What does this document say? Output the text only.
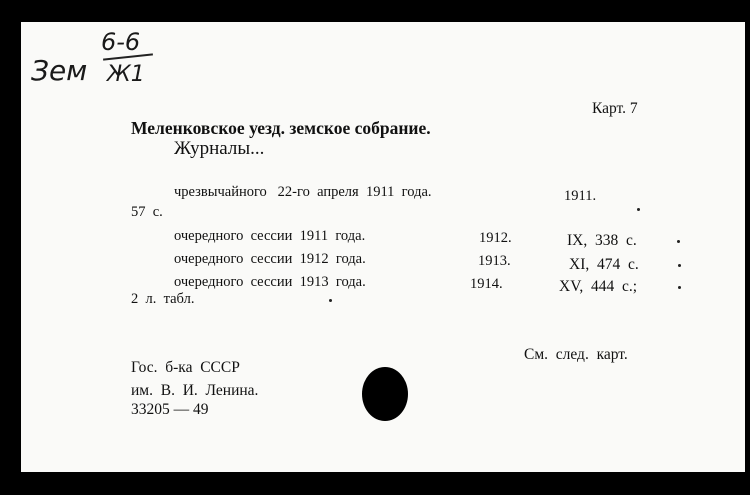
Зем
6-6
Ж1
Карт. 7
Меленковское уезд. земское собрание.
Журналы...
чрезвычайного   22-го  апреля  1911  года.	1911.
57  с.
очередного  сессии  1911  года.	1912.	IX,  338  с.
очередного  сессии  1912  года.	1913.	XI,  474  с.
очередного  сессии  1913  года.	1914.	XV,  444  с.;
2  л.  табл.
См.  след.  карт.
Гос.  б-ка  СССР
им.  В.  И.  Ленина.
33205 — 49
